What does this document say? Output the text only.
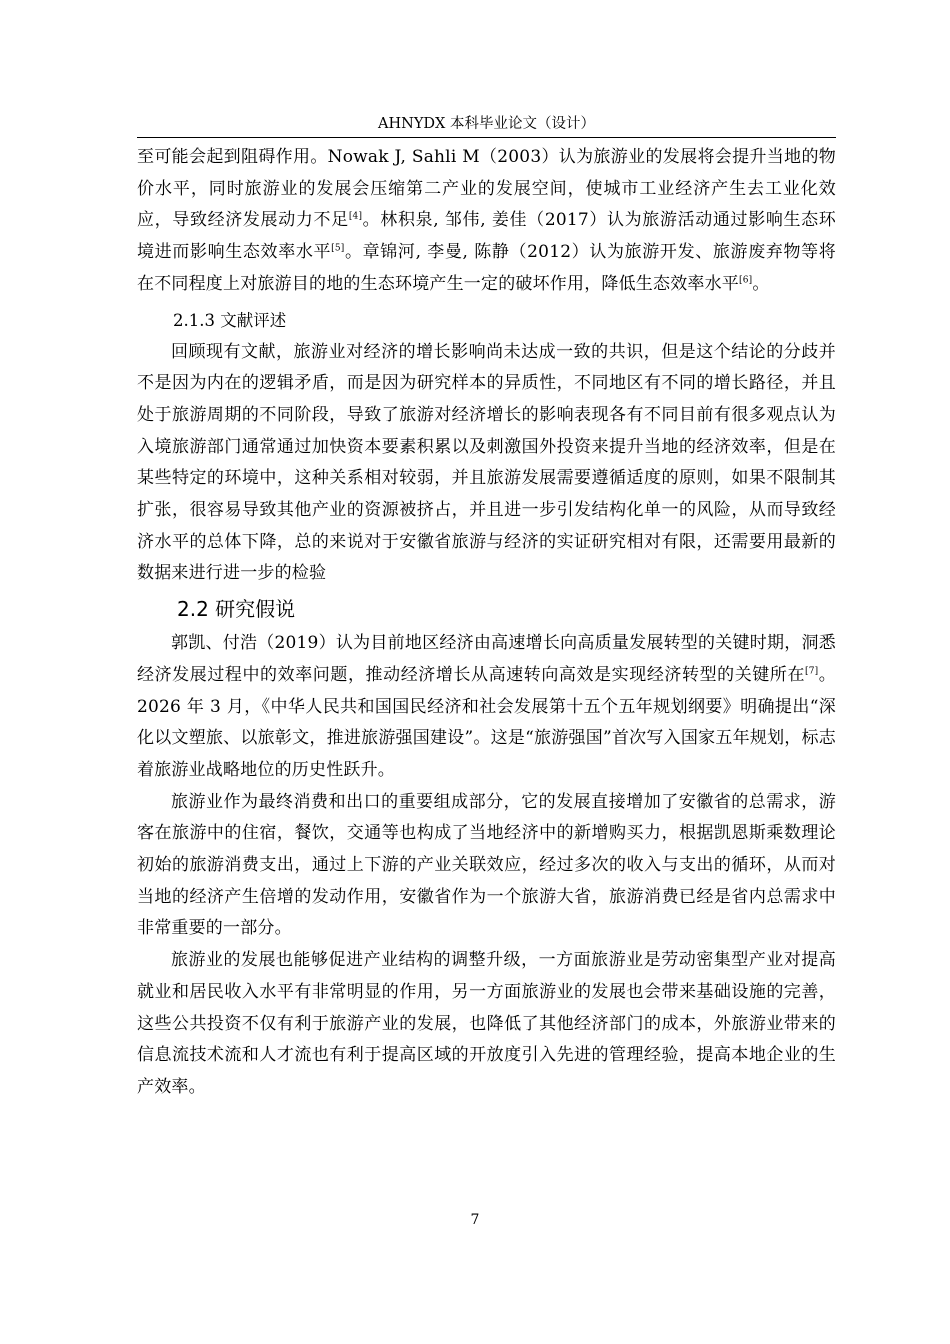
AHNYDX 本科毕业论文（设计）

至可能会起到阻碍作用。Nowak J, Sahli M（2003）认为旅游业的发展将会提升当地的物价水平，同时旅游业的发展会压缩第二产业的发展空间，使城市工业经济产生去工业化效应，导致经济发展动力不足[4]。林积泉, 邹伟, 姜佳（2017）认为旅游活动通过影响生态环境进而影响生态效率水平[5]。章锦河, 李曼, 陈静（2012）认为旅游开发、旅游废弃物等将在不同程度上对旅游目的地的生态环境产生一定的破坏作用，降低生态效率水平[6]。

2.1.3 文献评述

回顾现有文献，旅游业对经济的增长影响尚未达成一致的共识，但是这个结论的分歧并不是因为内在的逻辑矛盾，而是因为研究样本的异质性，不同地区有不同的增长路径，并且处于旅游周期的不同阶段，导致了旅游对经济增长的影响表现各有不同目前有很多观点认为入境旅游部门通常通过加快资本要素积累以及刺激国外投资来提升当地的经济效率，但是在某些特定的环境中，这种关系相对较弱，并且旅游发展需要遵循适度的原则，如果不限制其扩张，很容易导致其他产业的资源被挤占，并且进一步引发结构化单一的风险，从而导致经济水平的总体下降，总的来说对于安徽省旅游与经济的实证研究相对有限，还需要用最新的数据来进行进一步的检验

2.2 研究假说

郭凯、付浩（2019）认为目前地区经济由高速增长向高质量发展转型的关键时期，洞悉经济发展过程中的效率问题，推动经济增长从高速转向高效是实现经济转型的关键所在[7]。2026 年 3 月，《中华人民共和国国民经济和社会发展第十五个五年规划纲要》明确提出“深化以文塑旅、以旅彰文，推进旅游强国建设”。这是“旅游强国”首次写入国家五年规划，标志着旅游业战略地位的历史性跃升。

旅游业作为最终消费和出口的重要组成部分，它的发展直接增加了安徽省的总需求，游客在旅游中的住宿，餐饮，交通等也构成了当地经济中的新增购买力，根据凯恩斯乘数理论初始的旅游消费支出，通过上下游的产业关联效应，经过多次的收入与支出的循环，从而对当地的经济产生倍增的发动作用，安徽省作为一个旅游大省，旅游消费已经是省内总需求中非常重要的一部分。

旅游业的发展也能够促进产业结构的调整升级，一方面旅游业是劳动密集型产业对提高就业和居民收入水平有非常明显的作用，另一方面旅游业的发展也会带来基础设施的完善，这些公共投资不仅有利于旅游产业的发展，也降低了其他经济部门的成本，外旅游业带来的信息流技术流和人才流也有利于提高区域的开放度引入先进的管理经验，提高本地企业的生产效率。

7
